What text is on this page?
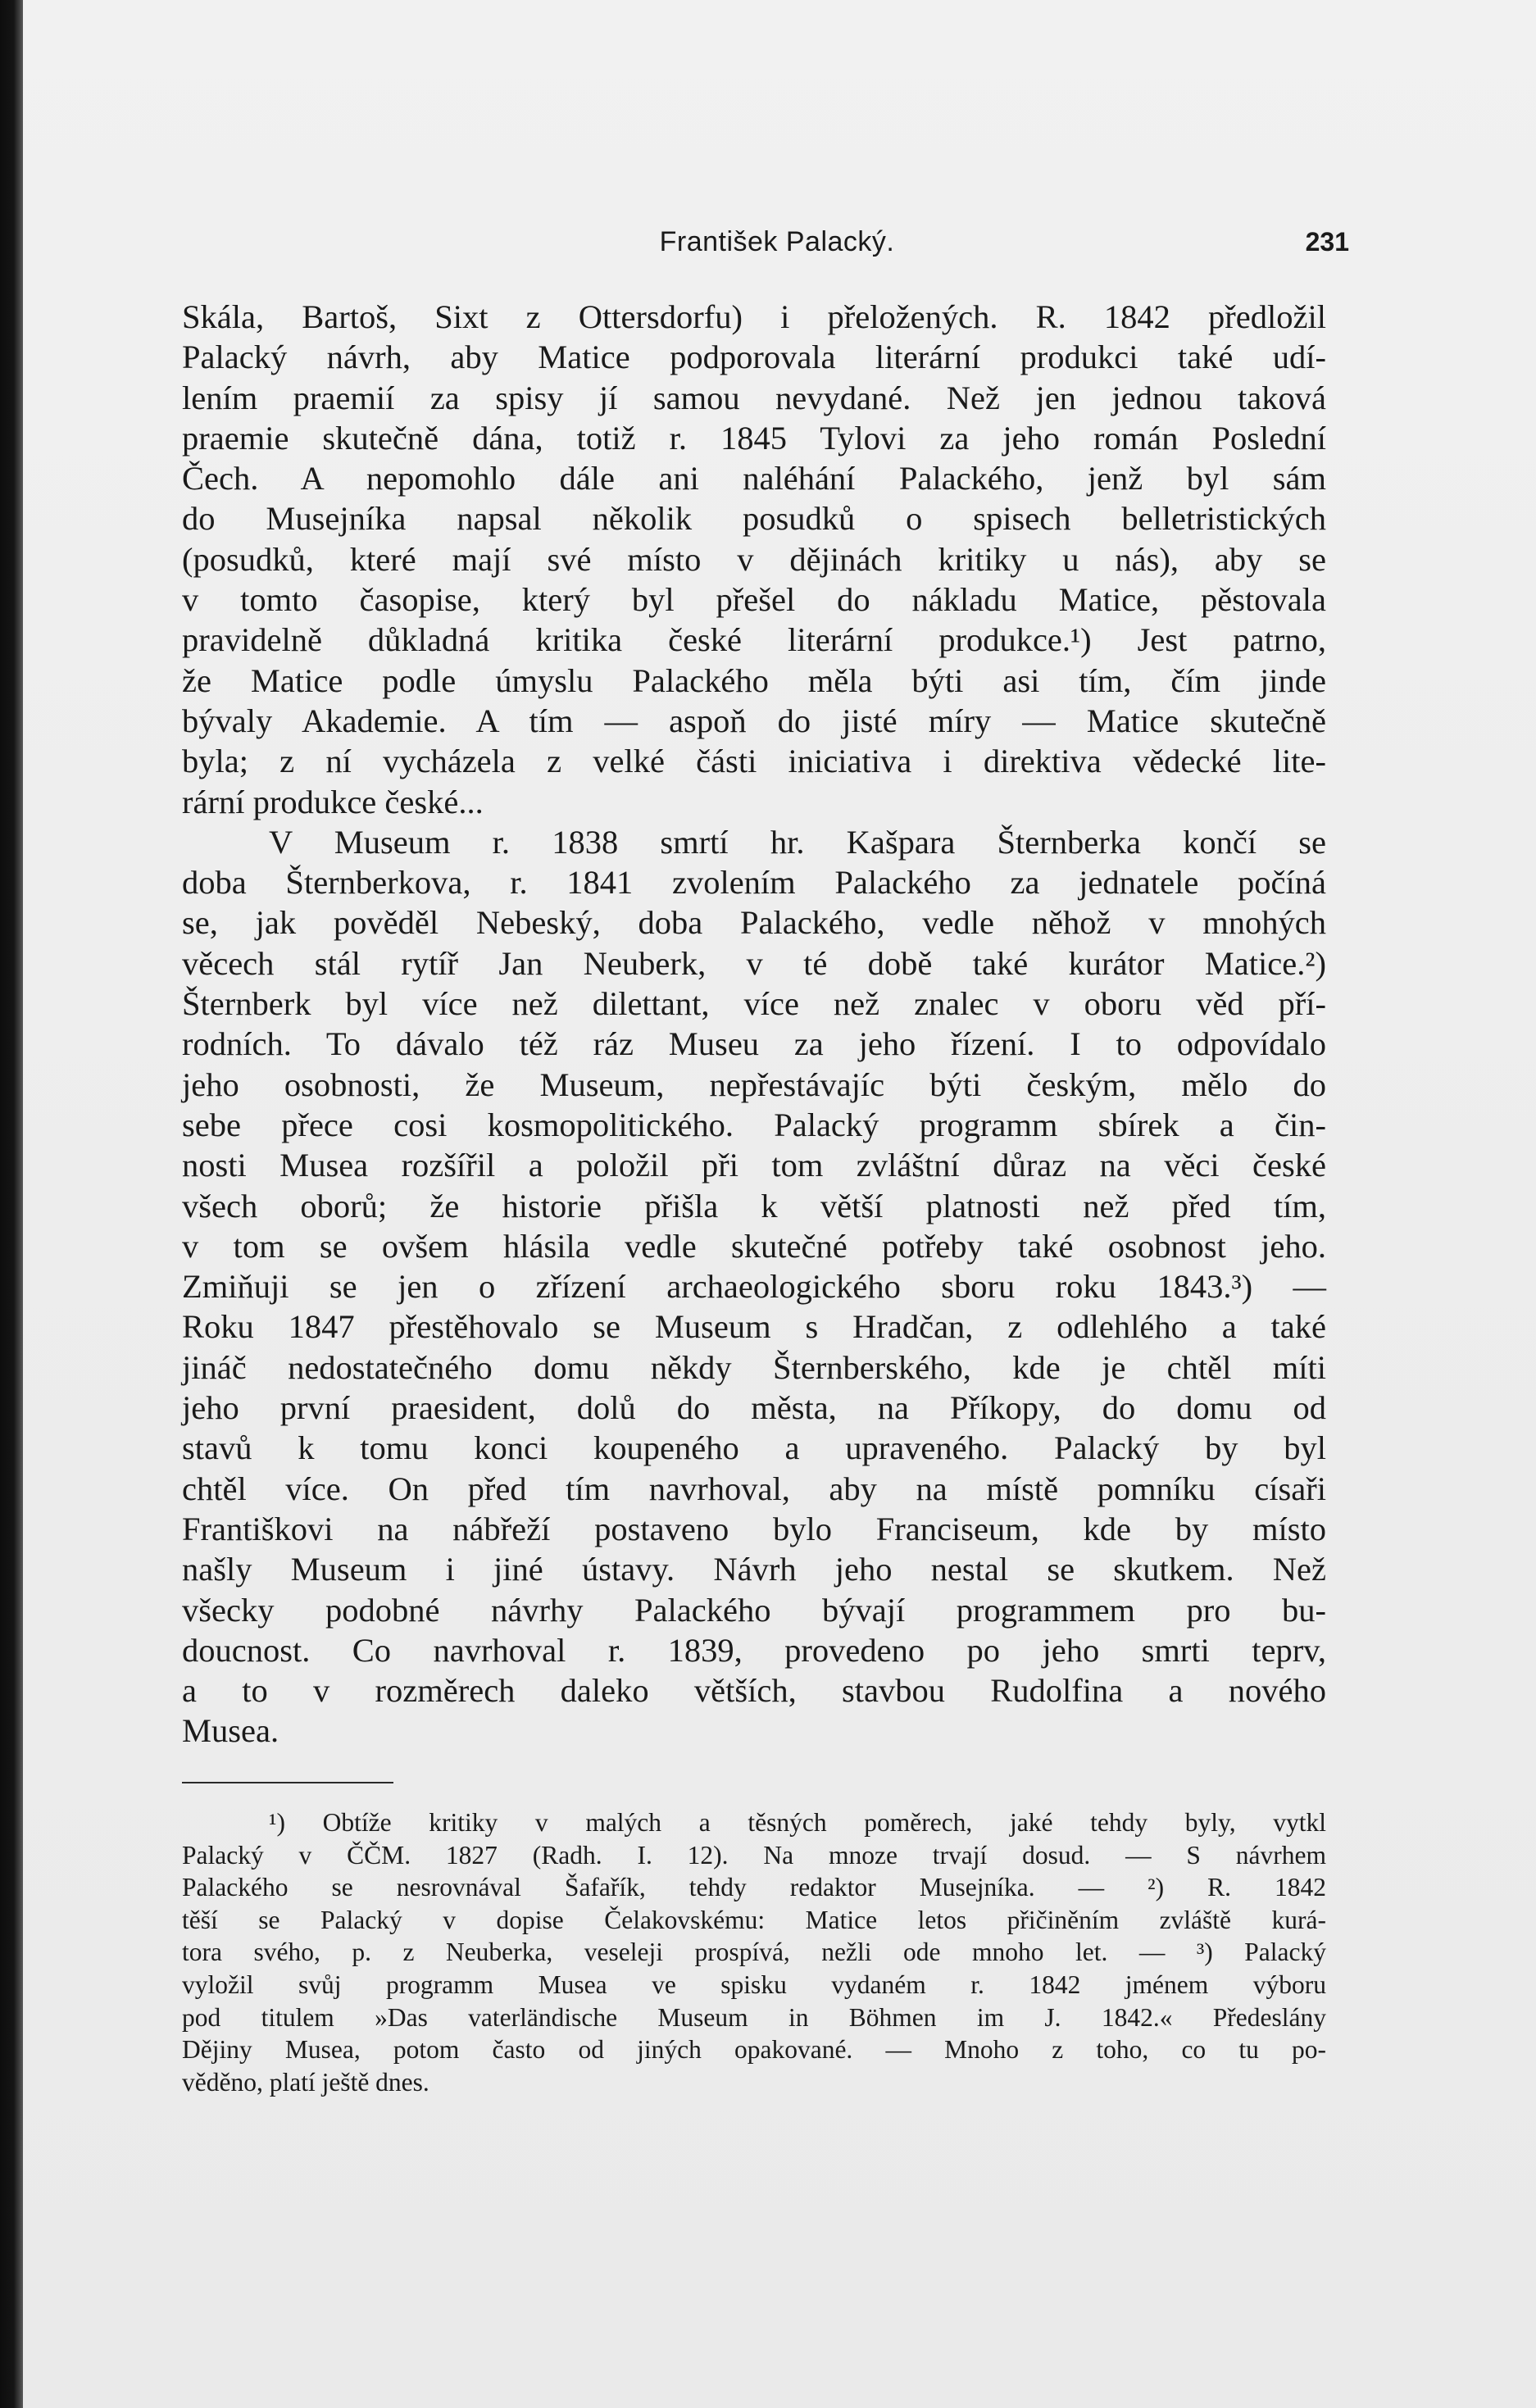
František Palacký.	231
Skála, Bartoš, Sixt z Ottersdorfu) i přeložených. R. 1842 předložil
Palacký návrh, aby Matice podporovala literární produkci také udí-
lením praemií za spisy jí samou nevydané. Než jen jednou taková
praemie skutečně dána, totiž r. 1845 Tylovi za jeho román Poslední
Čech. A nepomohlo dále ani naléhání Palackého, jenž byl sám
do Musejníka napsal několik posudků o spisech belletristických
(posudků, které mají své místo v dějinách kritiky u nás), aby se
v tomto časopise, který byl přešel do nákladu Matice, pěstovala
pravidelně důkladná kritika české literární produkce.¹) Jest patrno,
že Matice podle úmyslu Palackého měla býti asi tím, čím jinde
bývaly Akademie. A tím — aspoň do jisté míry — Matice skutečně
byla; z ní vycházela z velké části iniciativa i direktiva vědecké lite-
rární produkce české...
V Museum r. 1838 smrtí hr. Kašpara Šternberka končí se
doba Šternberkova, r. 1841 zvolením Palackého za jednatele počíná
se, jak pověděl Nebeský, doba Palackého, vedle něhož v mnohých
věcech stál rytíř Jan Neuberk, v té době také kurátor Matice.²)
Šternberk byl více než dilettant, více než znalec v oboru věd pří-
rodních. To dávalo též ráz Museu za jeho řízení. I to odpovídalo
jeho osobnosti, že Museum, nepřestávajíc býti českým, mělo do
sebe přece cosi kosmopolitického. Palacký programm sbírek a čin-
nosti Musea rozšířil a položil při tom zvláštní důraz na věci české
všech oborů; že historie přišla k větší platnosti než před tím,
v tom se ovšem hlásila vedle skutečné potřeby také osobnost jeho.
Zmiňuji se jen o zřízení archaeologického sboru roku 1843.³) —
Roku 1847 přestěhovalo se Museum s Hradčan, z odlehlého a také
jináč nedostatečného domu někdy Šternberského, kde je chtěl míti
jeho první praesident, dolů do města, na Příkopy, do domu od
stavů k tomu konci koupeného a upraveného. Palacký by byl
chtěl více. On před tím navrhoval, aby na místě pomníku císaři
Františkovi na nábřeží postaveno bylo Franciseum, kde by místo
našly Museum i jiné ústavy. Návrh jeho nestal se skutkem. Než
všecky podobné návrhy Palackého bývají programmem pro bu-
doucnost. Co navrhoval r. 1839, provedeno po jeho smrti teprv,
a to v rozměrech daleko větších, stavbou Rudolfina a nového
Musea.
¹) Obtíže kritiky v malých a těsných poměrech, jaké tehdy byly, vytkl
Palacký v ČČM. 1827 (Radh. I. 12). Na mnoze trvají dosud. — S návrhem
Palackého se nesrovnával Šafařík, tehdy redaktor Musejníka. — ²) R. 1842
těší se Palacký v dopise Čelakovskému: Matice letos přičiněním zvláště kurá-
tora svého, p. z Neuberka, veseleji prospívá, nežli ode mnoho let. — ³) Palacký
vyložil svůj programm Musea ve spisku vydaném r. 1842 jménem výboru
pod titulem »Das vaterländische Museum in Böhmen im J. 1842.« Předeslány
Dějiny Musea, potom často od jiných opakované. — Mnoho z toho, co tu po-
věděno, platí ještě dnes.
